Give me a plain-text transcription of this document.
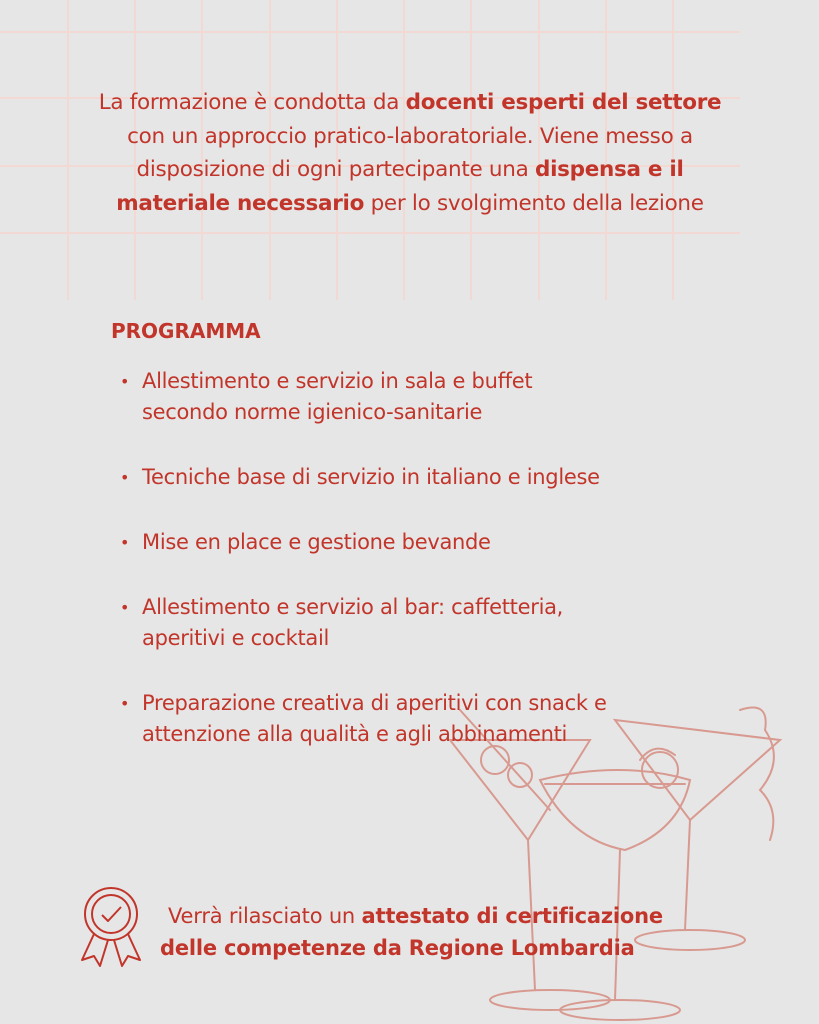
La formazione è condotta da docenti esperti del settore con un approccio pratico-laboratoriale. Viene messo a disposizione di ogni partecipante una dispensa e il materiale necessario per lo svolgimento della lezione
PROGRAMMA
• Allestimento e servizio in sala e buffet
secondo norme igienico-sanitarie
• Tecniche base di servizio in italiano e inglese
• Mise en place e gestione bevande
• Allestimento e servizio al bar: caffetteria,
aperitivi e cocktail
• Preparazione creativa di aperitivi con snack e
attenzione alla qualità e agli abbinamenti
Verrà rilasciato un attestato di certificazione
delle competenze da Regione Lombardia
